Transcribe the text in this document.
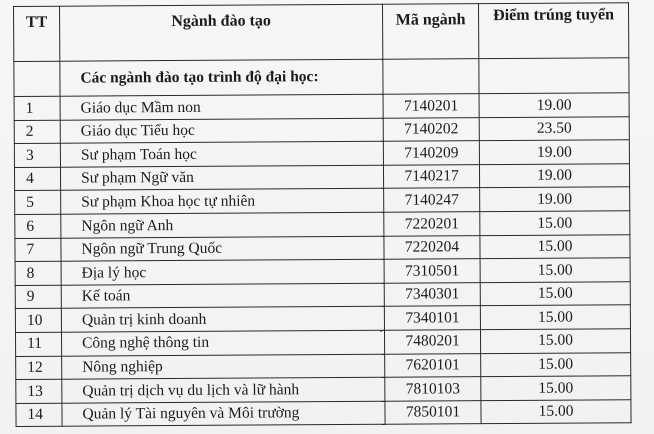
TT	Ngành đào tạo	Mã ngành	Điểm trúng tuyển
	Các ngành đào tạo trình độ đại học:		
1	Giáo dục Mầm non	7140201	19.00
2	Giáo dục Tiểu học	7140202	23.50
3	Sư phạm Toán học	7140209	19.00
4	Sư phạm Ngữ văn	7140217	19.00
5	Sư phạm Khoa học tự nhiên	7140247	19.00
6	Ngôn ngữ Anh	7220201	15.00
7	Ngôn ngữ Trung Quốc	7220204	15.00
8	Địa lý học	7310501	15.00
9	Kế toán	7340301	15.00
10	Quản trị kinh doanh	7340101	15.00
11	Công nghệ thông tin	7480201	15.00
12	Nông nghiệp	7620101	15.00
13	Quản trị dịch vụ du lịch và lữ hành	7810103	15.00
14	Quản lý Tài nguyên và Môi trường	7850101	15.00
